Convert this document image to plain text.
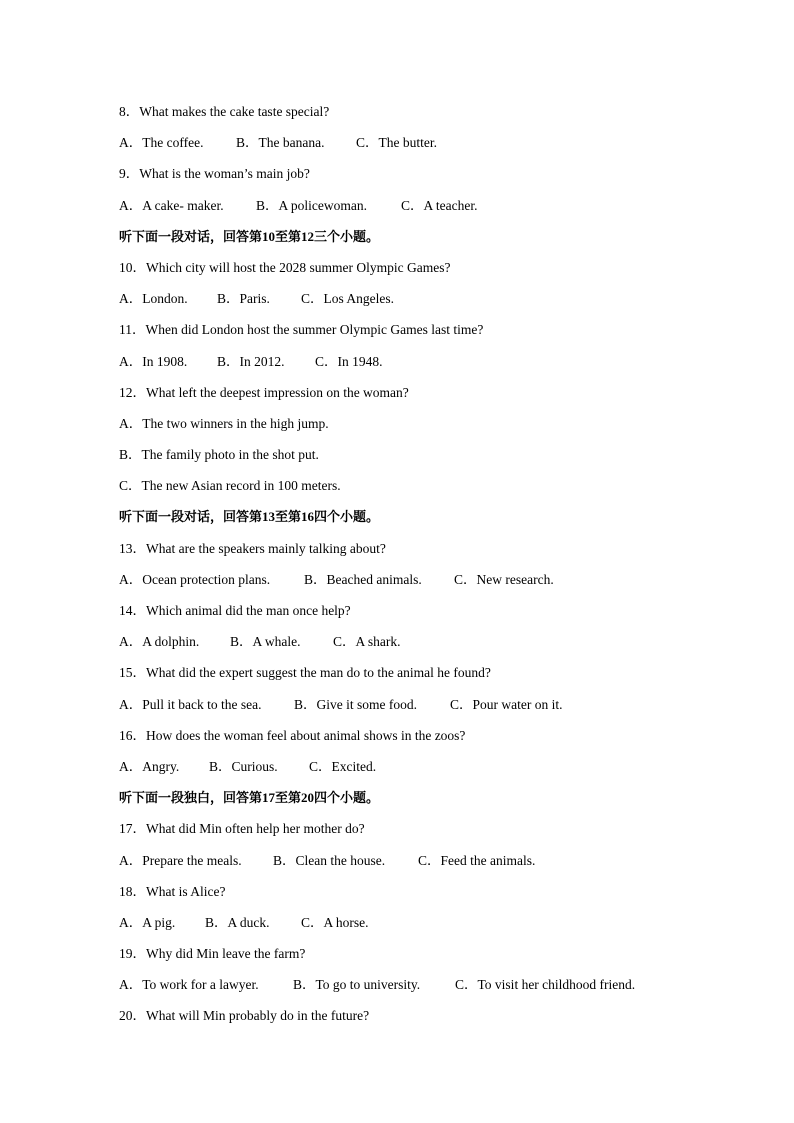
8．What makes the cake taste special?
A．The coffee. B．The banana. C．The butter.
9．What is the woman’s main job?
A．A cake- maker. B．A policewoman.	C．A teacher.
听下面一段对话，回答第10至第12三个小题。
10．Which city will host the 2028 summer Olympic Games?
A．London. B．Paris. C．Los Angeles.
11．When did London host the summer Olympic Games last time?
A．In 1908. B．In 2012. C．In 1948.
12．What left the deepest impression on the woman?
A．The two winners in the high jump.
B．The family photo in the shot put.
C．The new Asian record in 100 meters.
听下面一段对话，回答第13至第16四个小题。
13．What are the speakers mainly talking about?
A．Ocean protection plans.	B．Beached animals. C．New research.
14．Which animal did the man once help?
A．A dolphin. B．A whale. C．A shark.
15．What did the expert suggest the man do to the animal he found?
A．Pull it back to the sea. B．Give it some food. C．Pour water on it.
16．How does the woman feel about animal shows in the zoos?
A．Angry. B．Curious. C．Excited.
听下面一段独白，回答第17至第20四个小题。
17．What did Min often help her mother do?
A．Prepare the meals. B．Clean the house. C．Feed the animals.
18．What is Alice?
A．A pig. B．A duck. C．A horse.
19．Why did Min leave the farm?
A．To work for a lawyer.	B．To go to university.	C．To visit her childhood friend.
20．What will Min probably do in the future?
